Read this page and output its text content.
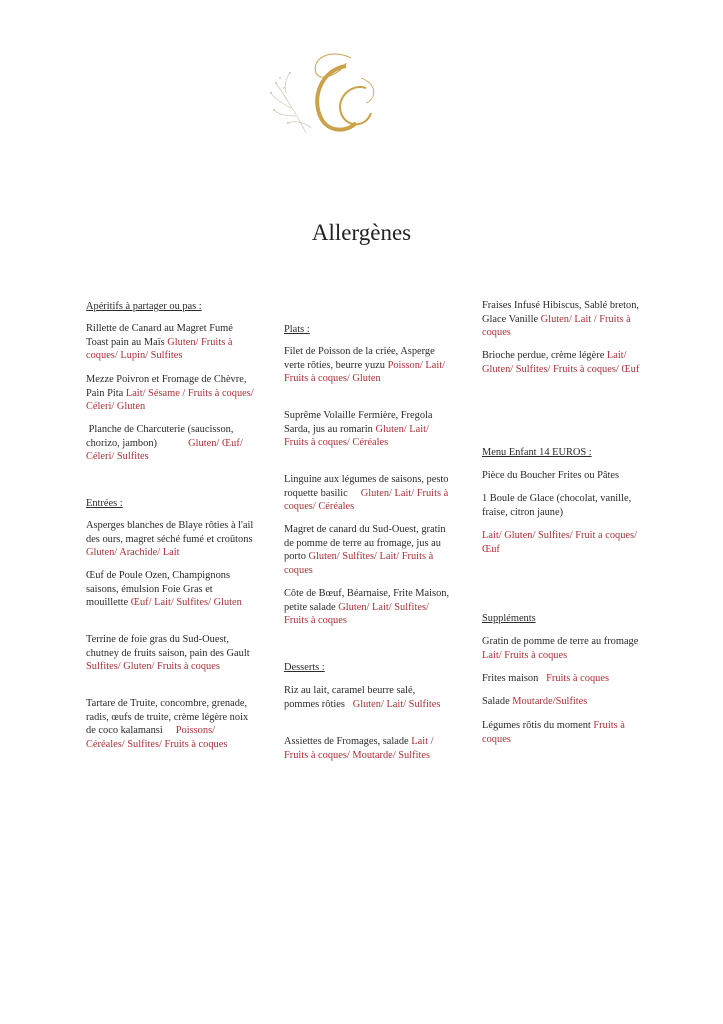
Allergènes
Apéritifs à partager ou pas :
Rillette de Canard au Magret Fumé Toast pain au Maïs Gluten/ Fruits à coques/ Lupin/ Sulfites
Mezze Poivron et Fromage de Chèvre, Pain Pita Lait/ Sésame / Fruits à coques/ Céleri/ Gluten
Planche de Charcuterie (saucisson, chorizo, jambon)            Gluten/ Œuf/ Céleri/ Sulfites
Entrées :
Asperges blanches de Blaye rôties à l'ail des ours, magret séché fumé et croûtons Gluten/ Arachide/ Lait
Œuf de Poule Ozen, Champignons saisons, émulsion Foie Gras et mouillette Œuf/ Lait/ Sulfites/ Gluten
Terrine de foie gras du Sud-Ouest, chutney de fruits saison, pain des Gault    Sulfites/ Gluten/ Fruits à coques
Tartare de Truite, concombre, grenade, radis, œufs de truite, crème légère noix de coco kalamansi     Poissons/ Céréales/ Sulfites/ Fruits à coques
Plats :
Filet de Poisson de la criée, Asperge verte rôties, beurre yuzu Poisson/ Lait/ Fruits à coques/ Gluten
Suprême Volaille Fermière, Fregola Sarda, jus au romarin Gluten/ Lait/ Fruits à coques/ Céréales
Linguine aux légumes de saisons, pesto roquette basilic     Gluten/ Lait/ Fruits à coques/ Céréales
Magret de canard du Sud-Ouest, gratin de pomme de terre au fromage, jus au porto Gluten/ Sulfites/ Lait/ Fruits à coques
Côte de Bœuf, Béarnaise, Frite Maison, petite salade Gluten/ Lait/ Sulfites/ Fruits à coques
Desserts :
Riz au lait, caramel beurre salé, pommes rôties   Gluten/ Lait/ Sulfites
Assiettes de Fromages, salade Lait / Fruits à coques/ Moutarde/ Sulfites
Fraises Infusé Hibiscus, Sablé breton, Glace Vanille Gluten/ Lait / Fruits à coques
Brioche perdue, crème légère Lait/ Gluten/ Sulfites/ Fruits à coques/ Œuf
Menu Enfant 14 EUROS :
Pièce du Boucher Frites ou Pâtes
1 Boule de Glace (chocolat, vanille, fraise, citron jaune)
Lait/ Gluten/ Sulfites/ Fruit a coques/ Œuf
Suppléments
Gratin de pomme de terre au fromage Lait/ Fruits à coques
Frites maison   Fruits à coques
Salade Moutarde/Sulfites
Légumes rôtis du moment Fruits à coques
